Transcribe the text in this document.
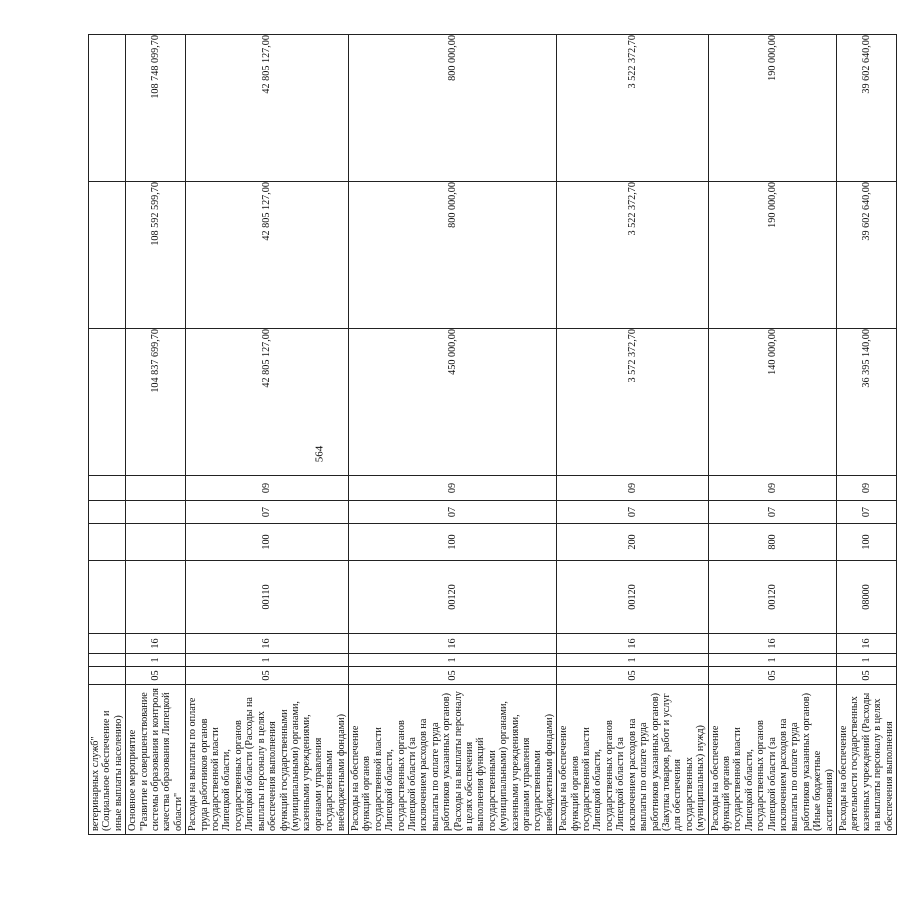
564
ветеринарных служб" (Социальное обеспечение и иные выплаты населению)										
Основное мероприятие "Развитие и совершенствование системы образования и контроля качества образования Липецкой области"	05	1	16					104 837 699,70	108 592 599,70	108 748 099,70
Расходы на выплаты по оплате труда работников органов государственной власти Липецкой области, государственных органов Липецкой области (Расходы на выплаты персоналу в целях обеспечения выполнения функций государственными (муниципальными) органами, казенными учреждениями, органами управления государственными внебюджетными фондами)	05	1	16	00110	100	07	09	42 805 127,00	42 805 127,00	42 805 127,00
Расходы на обеспечение функций органов государственной власти Липецкой области, государственных органов Липецкой области (за исключением расходов на выплаты по оплате труда работников указанных органов) (Расходы на выплаты персоналу в целях обеспечения выполнения функций государственными (муниципальными) органами, казенными учреждениями, органами управления государственными внебюджетными фондами)	05	1	16	00120	100	07	09	450 000,00	800 000,00	800 000,00
Расходы на обеспечение функций органов государственной власти Липецкой области, государственных органов Липецкой области (за исключением расходов на выплаты по оплате труда работников указанных органов) (Закупка товаров, работ и услуг для обеспечения государственных (муниципальных) нужд)	05	1	16	00120	200	07	09	3 572 372,70	3 522 372,70	3 522 372,70
Расходы на обеспечение функций органов государственной власти Липецкой области, государственных органов Липецкой области (за исключением расходов на выплаты по оплате труда работников указанных органов) (Иные бюджетные ассигнования)	05	1	16	00120	800	07	09	140 000,00	190 000,00	190 000,00
Расходы на обеспечение деятельности государственных казенных учреждений (Расходы на выплаты персоналу в целях обеспечения выполнения	05	1	16	08000	100	07	09	36 395 140,00	39 602 640,00	39 602 640,00
